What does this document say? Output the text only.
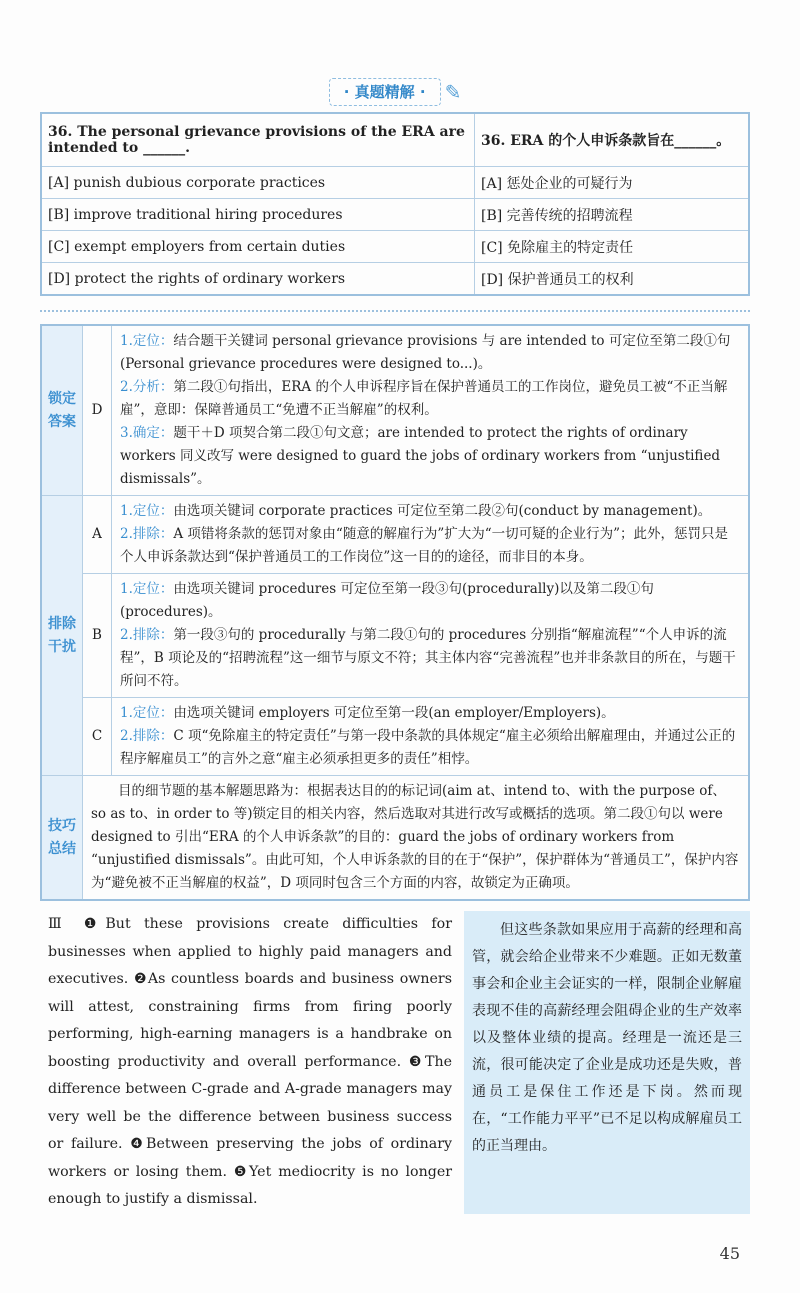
· 真题精解 · ✎
36. The personal grievance provisions of the ERA are intended to ______.	36. ERA 的个人申诉条款旨在______。
[A] punish dubious corporate practices	[A] 惩处企业的可疑行为
[B] improve traditional hiring procedures	[B] 完善传统的招聘流程
[C] exempt employers from certain duties	[C] 免除雇主的特定责任
[D] protect the rights of ordinary workers	[D] 保护普通员工的权利
锁定答案	D	1.定位：结合题干关键词 personal grievance provisions 与 are intended to 可定位至第二段①句(Personal grievance procedures were designed to...)。
2.分析：第二段①句指出，ERA 的个人申诉程序旨在保护普通员工的工作岗位，避免员工被“不正当解雇”，意即：保障普通员工“免遭不正当解雇”的权利。
3.确定：题干＋D 项契合第二段①句文意；are intended to protect the rights of ordinary workers 同义改写 were designed to guard the jobs of ordinary workers from “unjustified dismissals”。

排除干扰	A	1.定位：由选项关键词 corporate practices 可定位至第二段②句(conduct by management)。
2.排除：A 项错将条款的惩罚对象由“随意的解雇行为”扩大为“一切可疑的企业行为”；此外，惩罚只是个人申诉条款达到“保护普通员工的工作岗位”这一目的的途径，而非目的本身。

	B	1.定位：由选项关键词 procedures 可定位至第一段③句(procedurally)以及第二段①句(procedures)。
2.排除：第一段③句的 procedurally 与第二段①句的 procedures 分别指“解雇流程”“个人申诉的流程”，B 项论及的“招聘流程”这一细节与原文不符；其主体内容“完善流程”也并非条款目的所在，与题干所问不符。

	C	1.定位：由选项关键词 employers 可定位至第一段(an employer/Employers)。
2.排除：C 项“免除雇主的特定责任”与第一段中条款的具体规定“雇主必须给出解雇理由，并通过公正的程序解雇员工”的言外之意“雇主必须承担更多的责任”相悖。

技巧总结	目的细节题的基本解题思路为：根据表达目的的标记词(aim at、intend to、with the purpose of、so as to、in order to 等)锁定目的相关内容，然后选取对其进行改写或概括的选项。第二段①句以 were designed to 引出“ERA 的个人申诉条款”的目的：guard the jobs of ordinary workers from “unjustified dismissals”。由此可知，个人申诉条款的目的在于“保护”，保护群体为“普通员工”，保护内容为“避免被不正当解雇的权益”，D 项同时包含三个方面的内容，故锁定为正确项。	
Ⅲ ❶But these provisions create difficulties for businesses when applied to highly paid managers and executives. ❷As countless boards and business owners will attest, constraining firms from firing poorly performing, high-earning managers is a handbrake on boosting productivity and overall performance. ❸The difference between C-grade and A-grade managers may very well be the difference between business success or failure. ❹Between preserving the jobs of ordinary workers or losing them. ❺Yet mediocrity is no longer enough to justify a dismissal.
但这些条款如果应用于高薪的经理和高管，就会给企业带来不少难题。正如无数董事会和企业主会证实的一样，限制企业解雇表现不佳的高薪经理会阻碍企业的生产效率以及整体业绩的提高。经理是一流还是三流，很可能决定了企业是成功还是失败，普通员工是保住工作还是下岗。然而现在，“工作能力平平”已不足以构成解雇员工的正当理由。
45
